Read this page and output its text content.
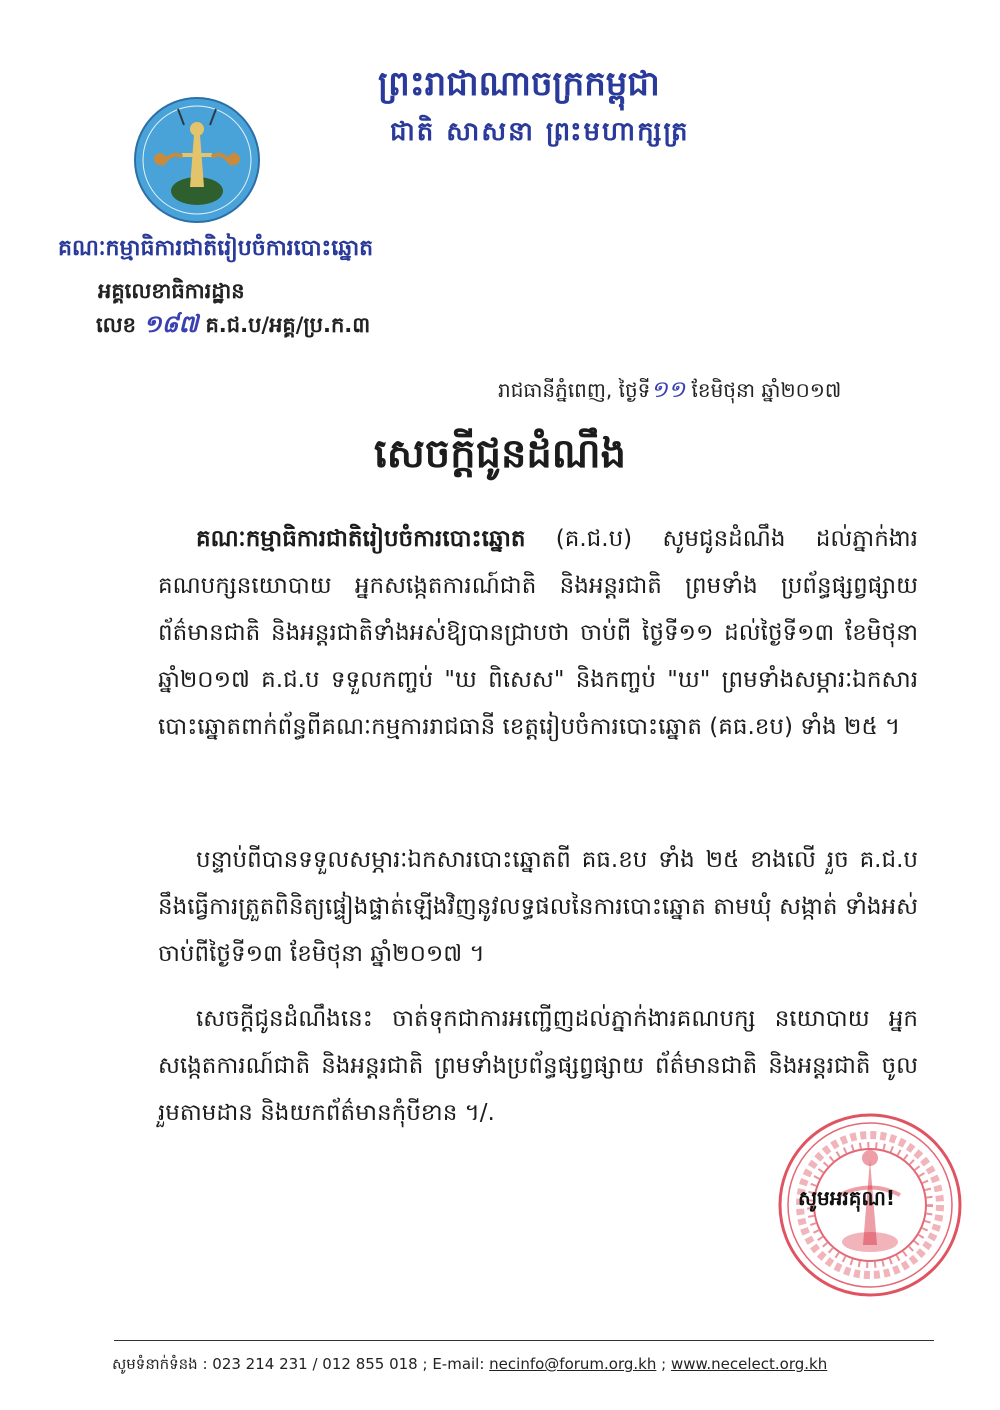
ព្រះរាជាណាចក្រកម្ពុជា
ជាតិ សាសនា ព្រះមហាក្សត្រ
គណៈកម្មាធិការជាតិរៀបចំការបោះឆ្នោត
អគ្គលេខាធិការដ្ឋាន
លេខ ១៨៧ គ.ជ.ប/អគ្គ/ប្រ.ក.៣
រាជធានីភ្នំពេញ, ថ្ងៃទី១១ ខែមិថុនា ឆ្នាំ២០១៧
សេចក្តីជូនដំណឹង
គណៈកម្មាធិការជាតិរៀបចំការបោះឆ្នោត (គ.ជ.ប) សូមជូនដំណឹង ដល់ភ្នាក់ងារគណបក្សនយោបាយ អ្នកសង្កេតការណ៍ជាតិ និងអន្តរជាតិ ព្រមទាំង ប្រព័ន្ធផ្សព្វផ្សាយព័ត៌មានជាតិ និងអន្តរជាតិទាំងអស់ឱ្យបានជ្រាបថា ចាប់ពី ថ្ងៃទី១១ ដល់ថ្ងៃទី១៣ ខែមិថុនា ឆ្នាំ២០១៧ គ.ជ.ប ទទួលកញ្ចប់ "ឃ ពិសេស" និងកញ្ចប់ "ឃ" ព្រមទាំងសម្ភារៈឯកសារបោះឆ្នោតពាក់ព័ន្ធពីគណៈកម្មការរាជធានី ខេត្តរៀបចំការបោះឆ្នោត (គធ.ខប) ទាំង ២៥ ។
បន្ទាប់ពីបានទទួលសម្ភារៈឯកសារបោះឆ្នោតពី គធ.ខប ទាំង ២៥ ខាងលើ រួច គ.ជ.ប នឹងធ្វើការត្រួតពិនិត្យផ្ទៀងផ្ទាត់ឡើងវិញនូវលទ្ធផលនៃការបោះឆ្នោត តាមឃុំ សង្កាត់ ទាំងអស់ ចាប់ពីថ្ងៃទី១៣ ខែមិថុនា ឆ្នាំ២០១៧ ។
សេចក្តីជូនដំណឹងនេះ ចាត់ទុកជាការអញ្ជើញដល់ភ្នាក់ងារគណបក្ស នយោបាយ អ្នកសង្កេតការណ៍ជាតិ និងអន្តរជាតិ ព្រមទាំងប្រព័ន្ធផ្សព្វផ្សាយ ព័ត៌មានជាតិ និងអន្តរជាតិ ចូលរួមតាមដាន និងយកព័ត៌មានកុំបីខាន ។/.
សូមអរគុណ!
សូមទំនាក់ទំនង : 023 214 231 / 012 855 018 ; E-mail: necinfo@forum.org.kh ; www.necelect.org.kh
